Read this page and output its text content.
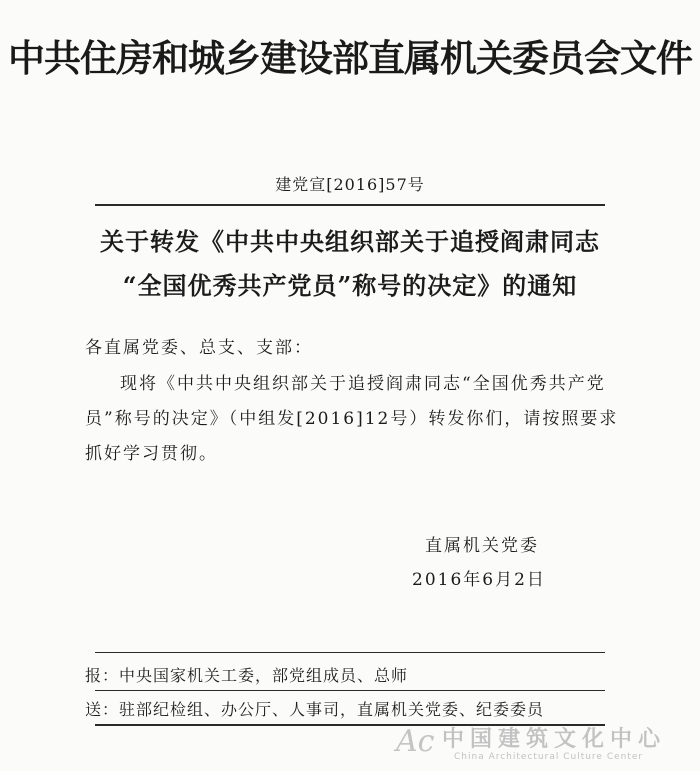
中共住房和城乡建设部直属机关委员会文件
建党宣[2016]57号
关于转发《中共中央组织部关于追授阎肃同志
“全国优秀共产党员”称号的决定》的通知
各直属党委、总支、支部：
现将《中共中央组织部关于追授阎肃同志“全国优秀共产党
员”称号的决定》（中组发[2016]12号）转发你们，请按照要求
抓好学习贯彻。
直属机关党委
2016年6月2日
报：中央国家机关工委，部党组成员、总师
送：驻部纪检组、办公厅、人事司，直属机关党委、纪委委员
Ac 中国建筑文化中心
China Architectural Culture Center
